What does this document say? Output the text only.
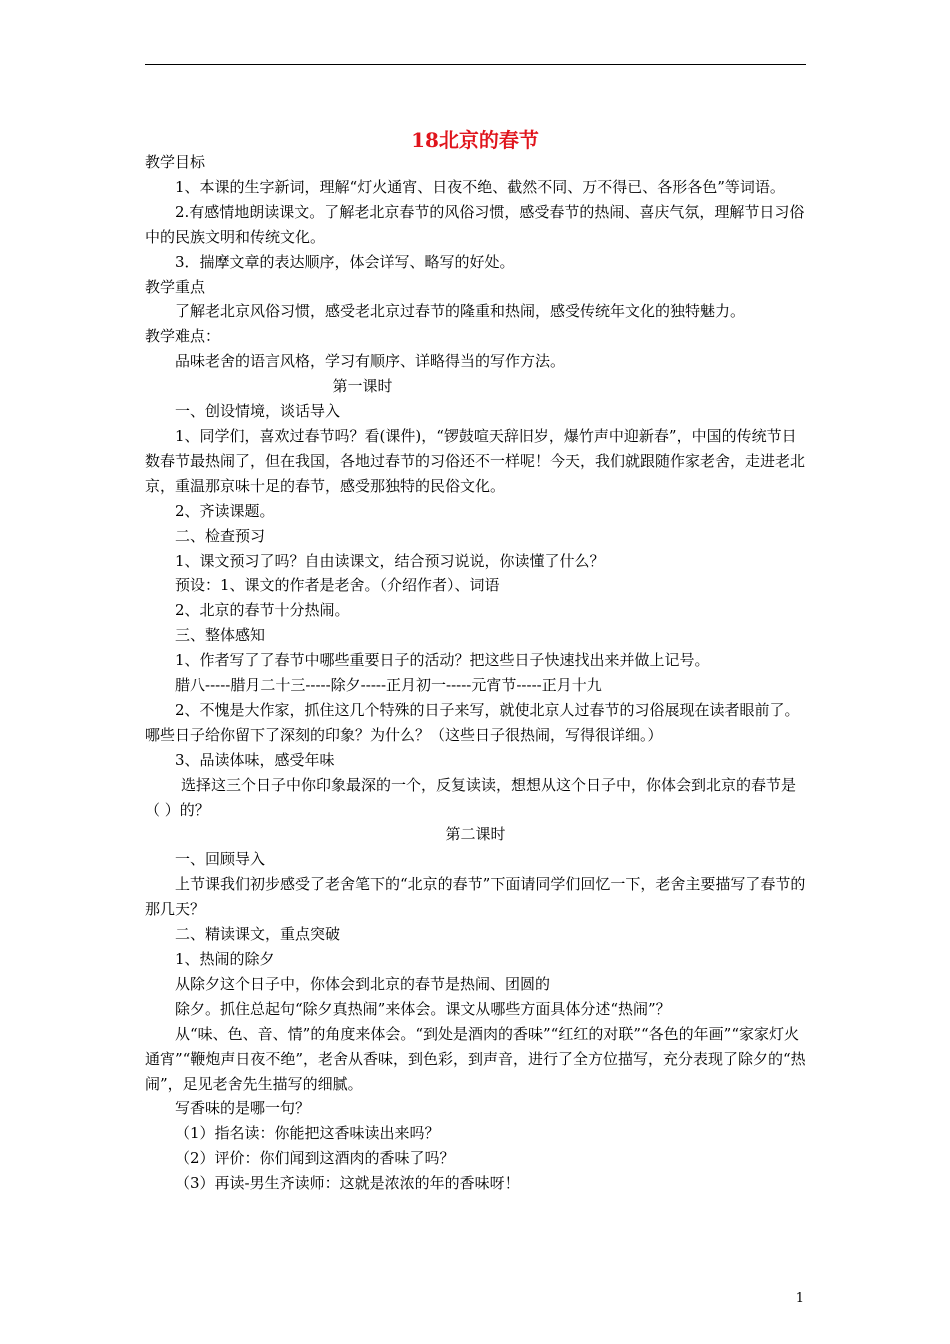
18北京的春节

教学目标

1、本课的生字新词，理解“灯火通宵、日夜不绝、截然不同、万不得已、各形各色”等词语。

2.有感情地朗读课文。了解老北京春节的风俗习惯，感受春节的热闹、喜庆气氛，理解节日习俗中的民族文明和传统文化。

3．揣摩文章的表达顺序，体会详写、略写的好处。

教学重点

了解老北京风俗习惯，感受老北京过春节的隆重和热闹，感受传统年文化的独特魅力。

教学难点：

品味老舍的语言风格，学习有顺序、详略得当的写作方法。

第一课时

一、创设情境，谈话导入

1、同学们，喜欢过春节吗？看(课件)，“锣鼓喧天辞旧岁，爆竹声中迎新春”，中国的传统节日数春节最热闹了，但在我国，各地过春节的习俗还不一样呢！今天，我们就跟随作家老舍，走进老北京，重温那京味十足的春节，感受那独特的民俗文化。

2、齐读课题。

二、检查预习

1、课文预习了吗？自由读课文，结合预习说说，你读懂了什么？

预设：1、课文的作者是老舍。（介绍作者）、词语

2、北京的春节十分热闹。

三、整体感知

1、作者写了了春节中哪些重要日子的活动？把这些日子快速找出来并做上记号。

腊八-----腊月二十三-----除夕-----正月初一-----元宵节-----正月十九

2、不愧是大作家，抓住这几个特殊的日子来写，就使北京人过春节的习俗展现在读者眼前了。哪些日子给你留下了深刻的印象？为什么？（这些日子很热闹，写得很详细。）

3、品读体味，感受年味

选择这三个日子中你印象最深的一个，反复读读，想想从这个日子中，你体会到北京的春节是（ ）的？

第二课时

一、回顾导入

上节课我们初步感受了老舍笔下的“北京的春节”下面请同学们回忆一下，老舍主要描写了春节的那几天？

二、精读课文，重点突破

1、热闹的除夕

从除夕这个日子中，你体会到北京的春节是热闹、团圆的

除夕。抓住总起句“除夕真热闹”来体会。课文从哪些方面具体分述“热闹”？

从“味、色、音、情”的角度来体会。“到处是酒肉的香味”“红红的对联”“各色的年画”“家家灯火通宵”“鞭炮声日夜不绝”，老舍从香味，到色彩，到声音，进行了全方位描写，充分表现了除夕的“热闹”，足见老舍先生描写的细腻。

写香味的是哪一句？

（1）指名读：你能把这香味读出来吗？

（2）评价：你们闻到这酒肉的香味了吗？

（3）再读-男生齐读师：这就是浓浓的年的香味呀！

1
